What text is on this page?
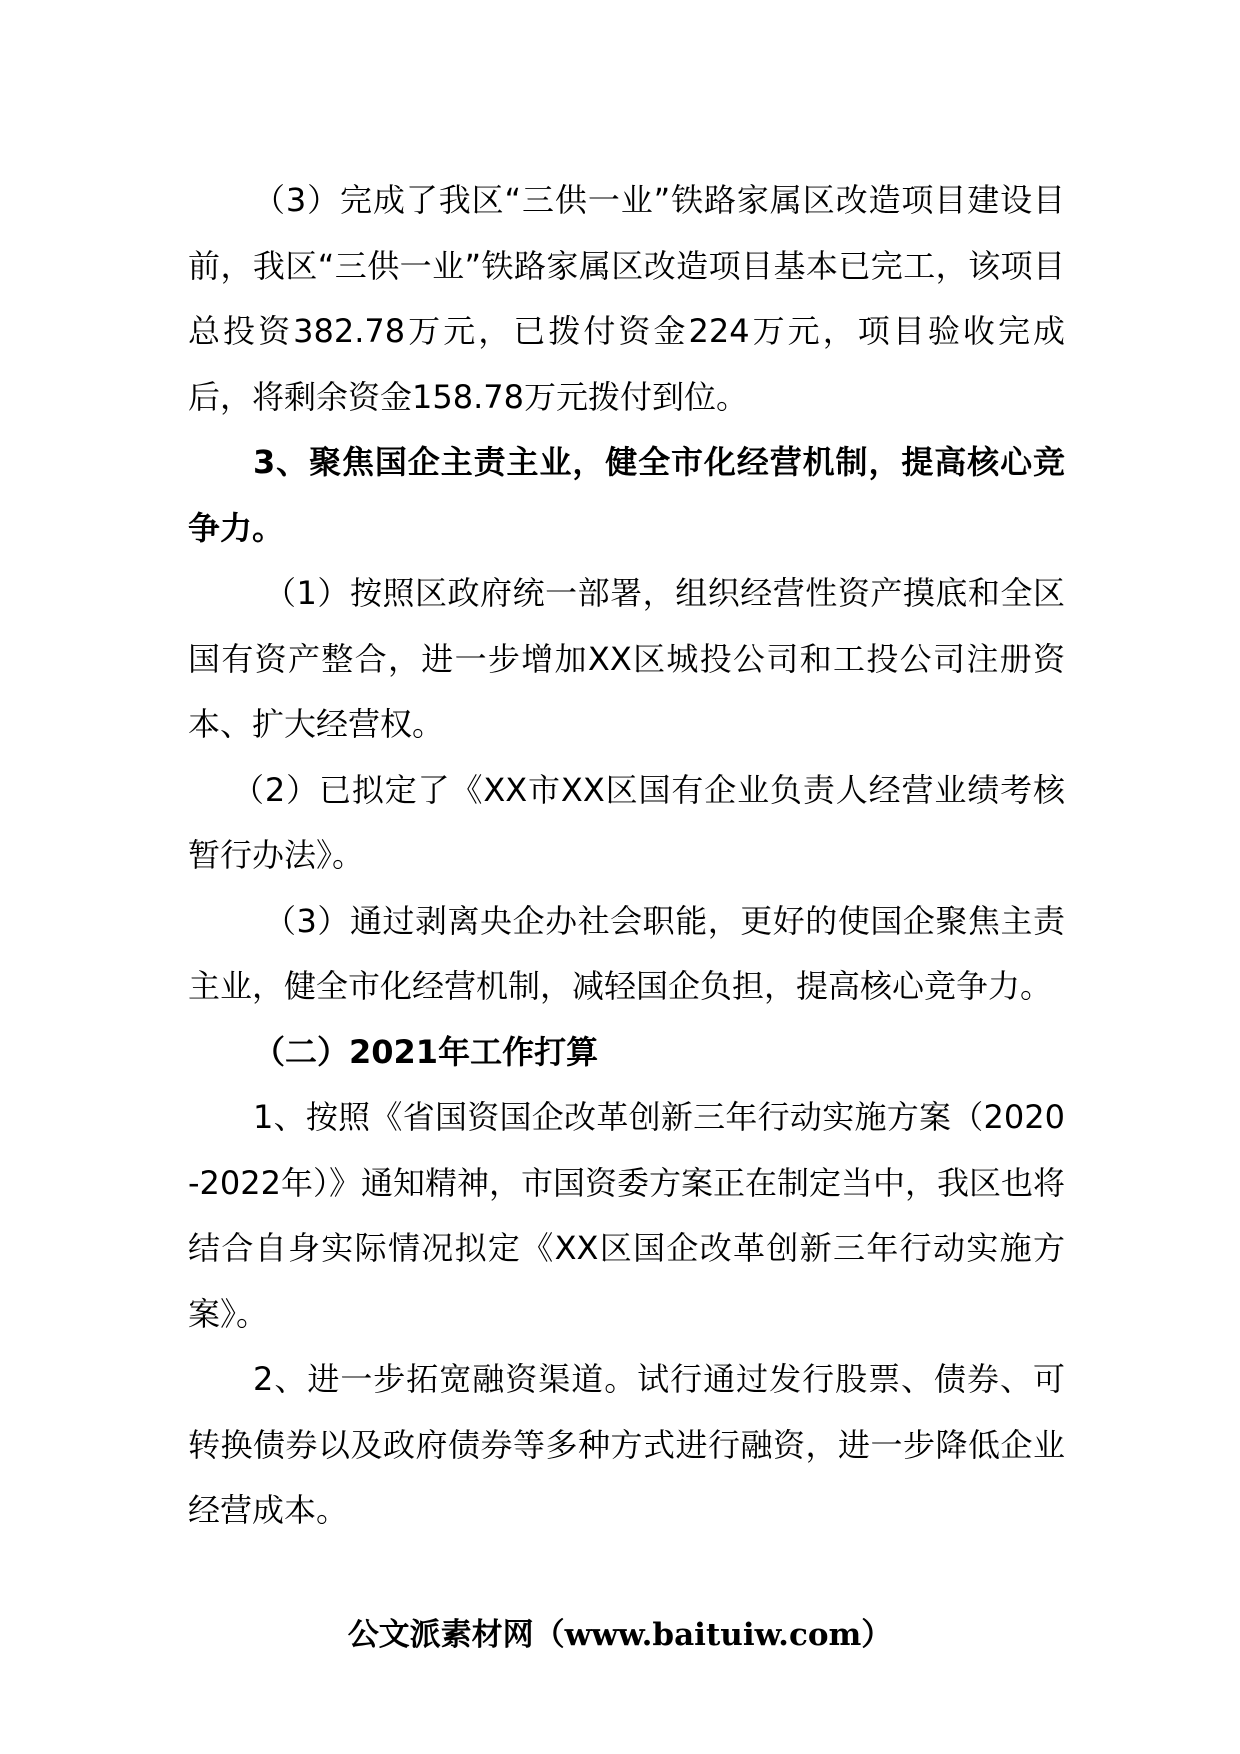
（3）完成了我区“三供一业”铁路家属区改造项目建设目前，我区“三供一业”铁路家属区改造项目基本已完工，该项目总投资382.78万元，已拨付资金224万元，项目验收完成后，将剩余资金158.78万元拨付到位。

3、聚焦国企主责主业，健全市化经营机制，提高核心竞争力。

（1）按照区政府统一部署，组织经营性资产摸底和全区国有资产整合，进一步增加XX区城投公司和工投公司注册资本、扩大经营权。

（2）已拟定了《XX市XX区国有企业负责人经营业绩考核暂行办法》。

（3）通过剥离央企办社会职能，更好的使国企聚焦主责主业，健全市化经营机制，减轻国企负担，提高核心竞争力。

（二）2021年工作打算

1、按照《省国资国企改革创新三年行动实施方案（2020-2022年）》通知精神，市国资委方案正在制定当中，我区也将结合自身实际情况拟定《XX区国企改革创新三年行动实施方案》。

2、进一步拓宽融资渠道。试行通过发行股票、债券、可转换债券以及政府债券等多种方式进行融资，进一步降低企业经营成本。

公文派素材网（www.baituiw.com）
